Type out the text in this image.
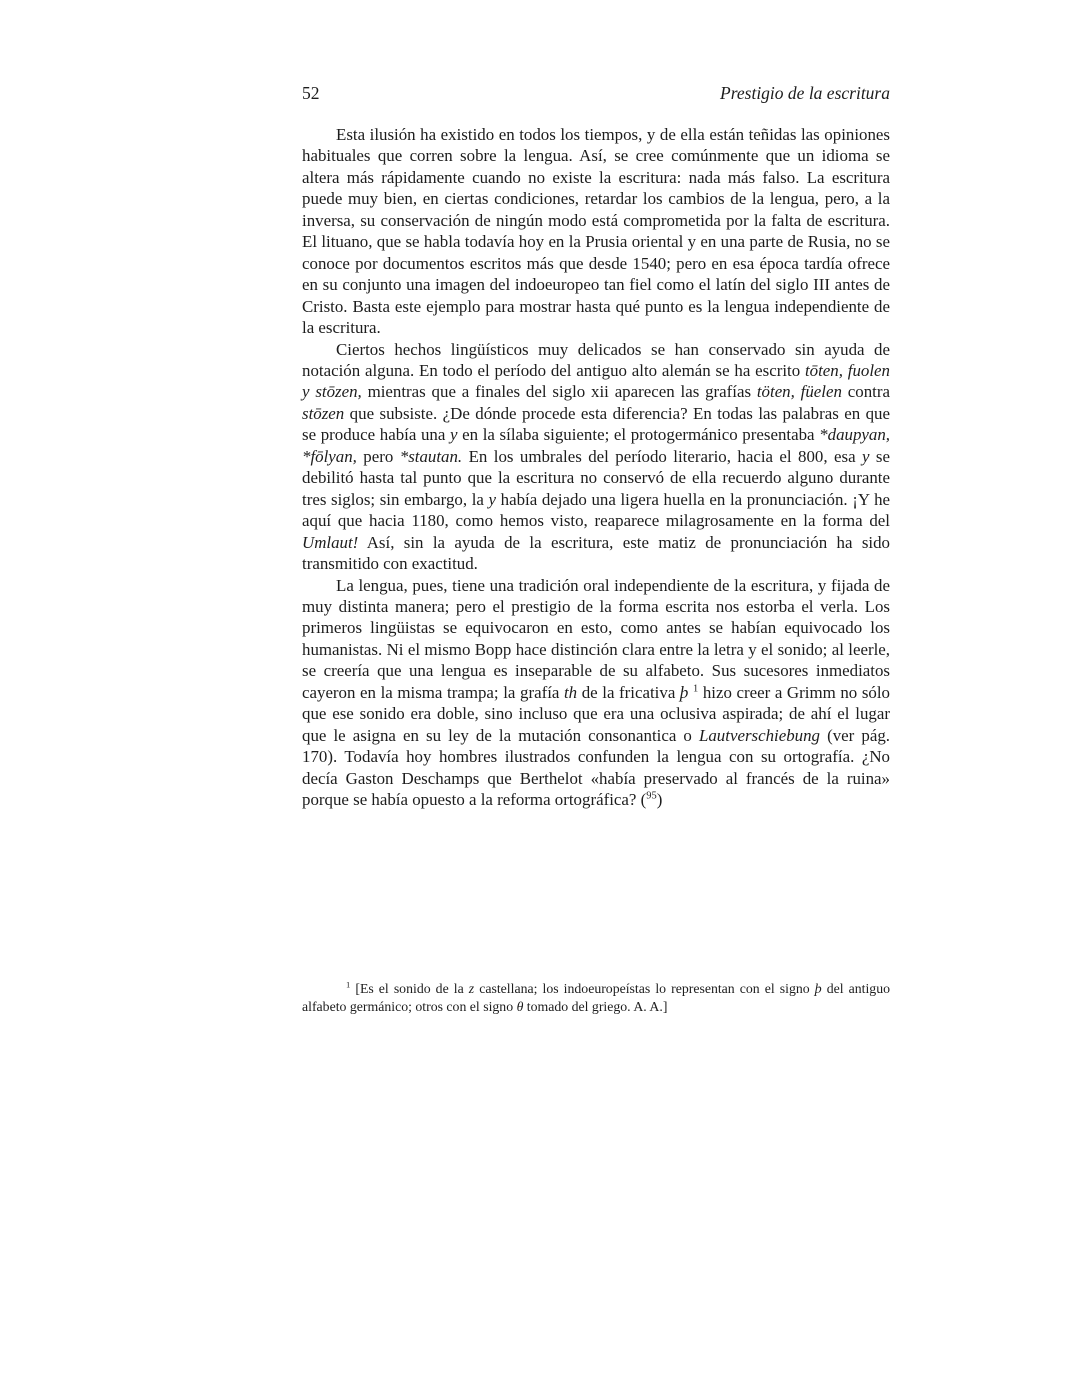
52	Prestigio de la escritura

Esta ilusión ha existido en todos los tiempos, y de ella están teñidas las opiniones habituales que corren sobre la lengua. Así, se cree comúnmente que un idioma se altera más rápidamente cuando no existe la escritura: nada más falso. La escritura puede muy bien, en ciertas condiciones, retardar los cambios de la lengua, pero, a la inversa, su conservación de ningún modo está comprometida por la falta de escritura. El lituano, que se habla todavía hoy en la Prusia oriental y en una parte de Rusia, no se conoce por documentos escritos más que desde 1540; pero en esa época tardía ofrece en su conjunto una imagen del indoeuropeo tan fiel como el latín del siglo III antes de Cristo. Basta este ejemplo para mostrar hasta qué punto es la lengua independiente de la escritura.

Ciertos hechos lingüísticos muy delicados se han conservado sin ayuda de notación alguna. En todo el período del antiguo alto alemán se ha escrito tōten, fuolen y stōzen, mientras que a finales del siglo xii aparecen las grafías töten, füelen contra stōzen que subsiste. ¿De dónde procede esta diferencia? En todas las palabras en que se produce había una y en la sílaba siguiente; el protogermánico presentaba *daupyan, *fōlyan, pero *stautan. En los umbrales del período literario, hacia el 800, esa y se debilitó hasta tal punto que la escritura no conservó de ella recuerdo alguno durante tres siglos; sin embargo, la y había dejado una ligera huella en la pronunciación. ¡Y he aquí que hacia 1180, como hemos visto, reaparece milagrosamente en la forma del Umlaut! Así, sin la ayuda de la escritura, este matiz de pronunciación ha sido transmitido con exactitud.

La lengua, pues, tiene una tradición oral independiente de la escritura, y fijada de muy distinta manera; pero el prestigio de la forma escrita nos estorba el verla. Los primeros lingüistas se equivocaron en esto, como antes se habían equivocado los humanistas. Ni el mismo Bopp hace distinción clara entre la letra y el sonido; al leerle, se creería que una lengua es inseparable de su alfabeto. Sus sucesores inmediatos cayeron en la misma trampa; la grafía th de la fricativa þ $^1$ hizo creer a Grimm no sólo que ese sonido era doble, sino incluso que era una oclusiva aspirada; de ahí el lugar que le asigna en su ley de la mutación consonantica o Lautverschiebung (ver pág. 170). Todavía hoy hombres ilustrados confunden la lengua con su ortografía. ¿No decía Gaston Deschamps que Berthelot «había preservado al francés de la ruina» porque se había opuesto a la reforma ortográfica? ($^{95}$)

$^1$ [Es el sonido de la z castellana; los indoeuropeístas lo representan con el signo þ del antiguo alfabeto germánico; otros con el signo θ tomado del griego. A. A.]
